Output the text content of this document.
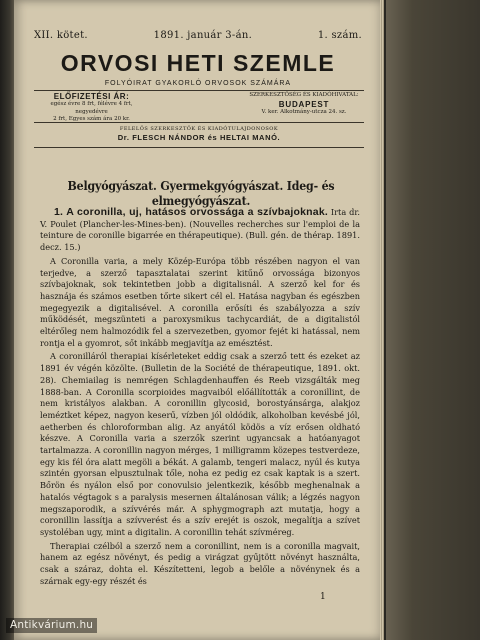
XII. kötet.	1891. január 3-án.	1. szám.
ORVOSI HETI SZEMLE
FOLYÓIRAT GYAKORLÓ ORVOSOK SZÁMÁRA
ELŐFIZETÉSI ÁR:
egész évre 8 frt, félévre 4 frt, negyedévre
2 frt, Egyes szám ára 20 kr.
SZERKESZTŐSÉG ÉS KIADÓHIVATAL:
BUDAPEST
V. ker. Alkotmány-utcza 24. sz.
FELELŐS SZERKESZTŐK ÉS KIADÓTULAJDONOSOK
Dr. FLESCH NÁNDOR és HELTAI MANÓ.
Belgyógyászat. Gyermekgyógyászat. Ideg- és elmegyógyászat.

1. A coronilla, uj, hatásos orvossága a szívbajoknak. Irta dr. V. Poulet (Plancher-les-Mines-ben). (Nouvelles recherches sur l'emploi de la teinture de coronille bigarrée en thérapeutique). (Bull. gén. de thérap. 1891. decz. 15.)

A Coronilla varia, a mely Közép-Európa több részében nagyon el van terjedve, a szerző tapasztalatai szerint kitűnő orvossága bizonyos szívbajoknak, sok tekintetben jobb a digitalisnál. A szerző kel for és hasznája és számos esetben tőrte sikert cél el. Hatása nagyban és egészben megegyezik a digitalisével. A coronilla erősíti és szabályozza a szív működését, megszünteti a paroxysmikus tachycardiát, de a digitalistól eltérőleg nem halmozódik fel a szervezetben, gyomor fejét ki hatással, nem rontja el a gyomrot, sőt inkább megjavítja az emésztést.

A coronilláról therapiai kísérleteket eddig csak a szerző tett és ezeket az 1891 év végén közölte. (Bulletin de la Société de thérapeutique, 1891. okt. 28). Chemiailag is nemrégen Schlagdenhauffen és Reeb vizsgálták meg 1888-ban. A Coronilla scorpioides magvaiból előállították a coronillint, de nem kristályos alakban. A coronillin glycosid, borostyánsárga, alakjoz leméztket képez, nagyon keserű, vízben jól oldódik, alkoholban kevésbé jól, aetherben és chloroformban alig. Az anyától ködös a víz erősen oldható készve. A Coronilla varia a szerzők szerint ugyancsak a hatóanyagot tartalmazza. A coronillin nagyon mérges, 1 milligramm közepes testverdeze, egy kis fél óra alatt megöli a békát. A galamb, tengeri malacz, nyúl és kutya szintén gyorsan elpusztulnak tőle, noha ez pedig ez csak kaptak is a szert. Bőrön és nyálon első por conovulsio jelentkezik, később meghenalnak a hatalós végtagok s a paralysis mesernen általánosan válik; a légzés nagyon megszaporodik, a szívvérés már. A sphygmograph azt mutatja, hogy a coronillin lassítja a szívverést és a szív erejét is oszok, megalítja a szívet systoléban ugy, mint a digitalin. A coronillin tehát szívméreg.

Therapiai czélból a szerző nem a coronillint, nem is a coronilla magvait, hanem az egész növényt, és pedig a virágzat gyűjtött növényt használta, csak a száraz, dohta el. Készítetteni, legob a belőle a növénynek és a szárnak egy-egy részét és

1
Antikvárium.hu
